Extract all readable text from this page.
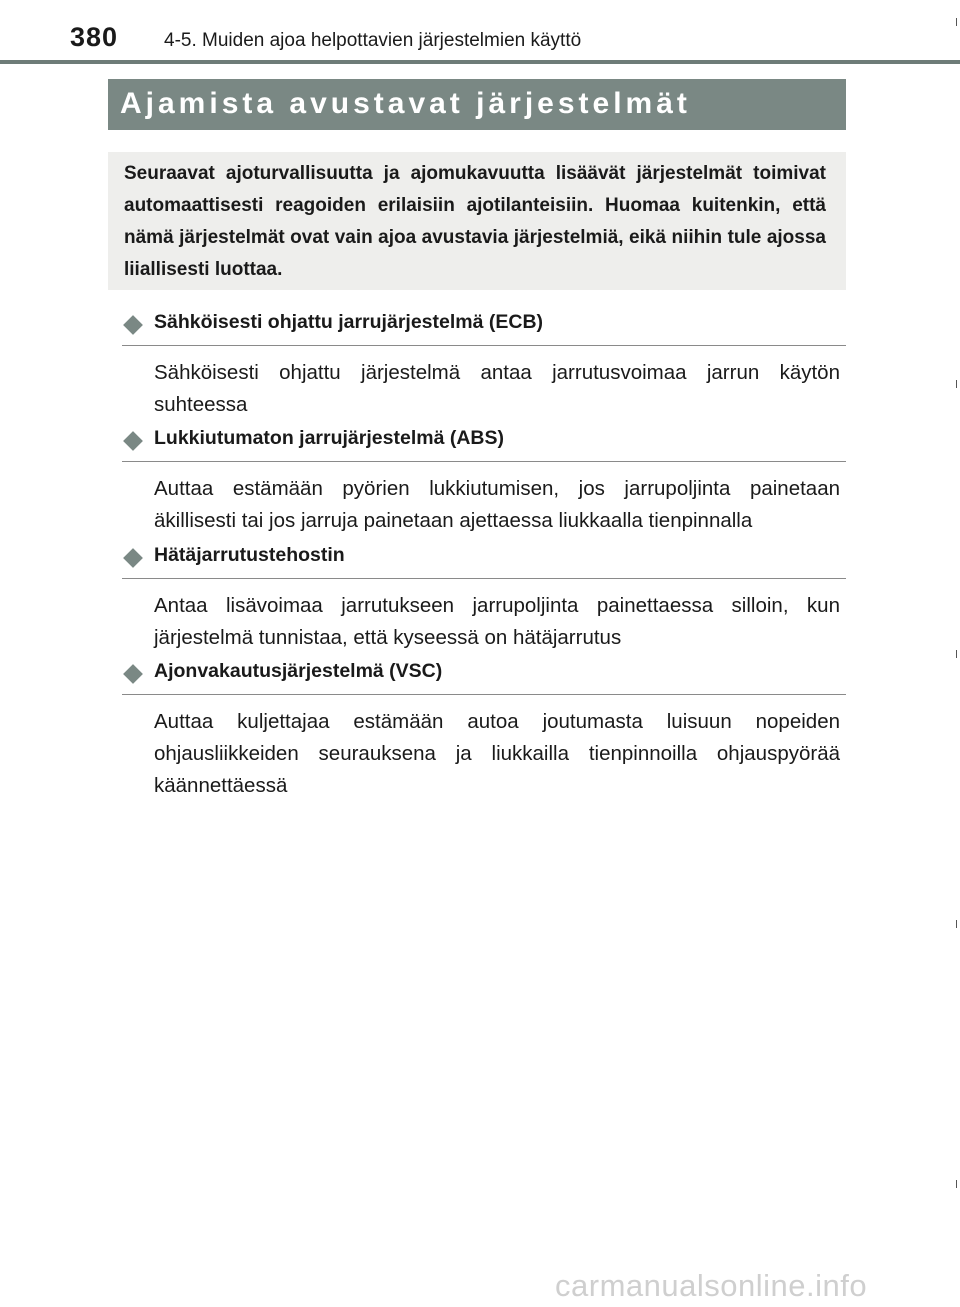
380 4-5. Muiden ajoa helpottavien järjestelmien käyttö
Ajamista avustavat järjestelmät

Seuraavat ajoturvallisuutta ja ajomukavuutta lisäävät järjestelmät toimivat automaattisesti reagoiden erilaisiin ajotilanteisiin. Huomaa kuitenkin, että nämä järjestelmät ovat vain ajoa avustavia järjestelmiä, eikä niihin tule ajossa liiallisesti luottaa.

Sähköisesti ohjattu jarrujärjestelmä (ECB)
Sähköisesti ohjattu järjestelmä antaa jarrutusvoimaa jarrun käytön suhteessa
Lukkiutumaton jarrujärjestelmä (ABS)
Auttaa estämään pyörien lukkiutumisen, jos jarrupoljinta painetaan äkillisesti tai jos jarruja painetaan ajettaessa liukkaalla tienpinnalla
Hätäjarrutustehostin
Antaa lisävoimaa jarrutukseen jarrupoljinta painettaessa silloin, kun järjestelmä tunnistaa, että kyseessä on hätäjarrutus
Ajonvakautusjärjestelmä (VSC)
Auttaa kuljettajaa estämään autoa joutumasta luisuun nopeiden ohjausliikkeiden seurauksena ja liukkailla tienpinnoilla ohjauspyörää käännettäessä
carmanualsonline.info
